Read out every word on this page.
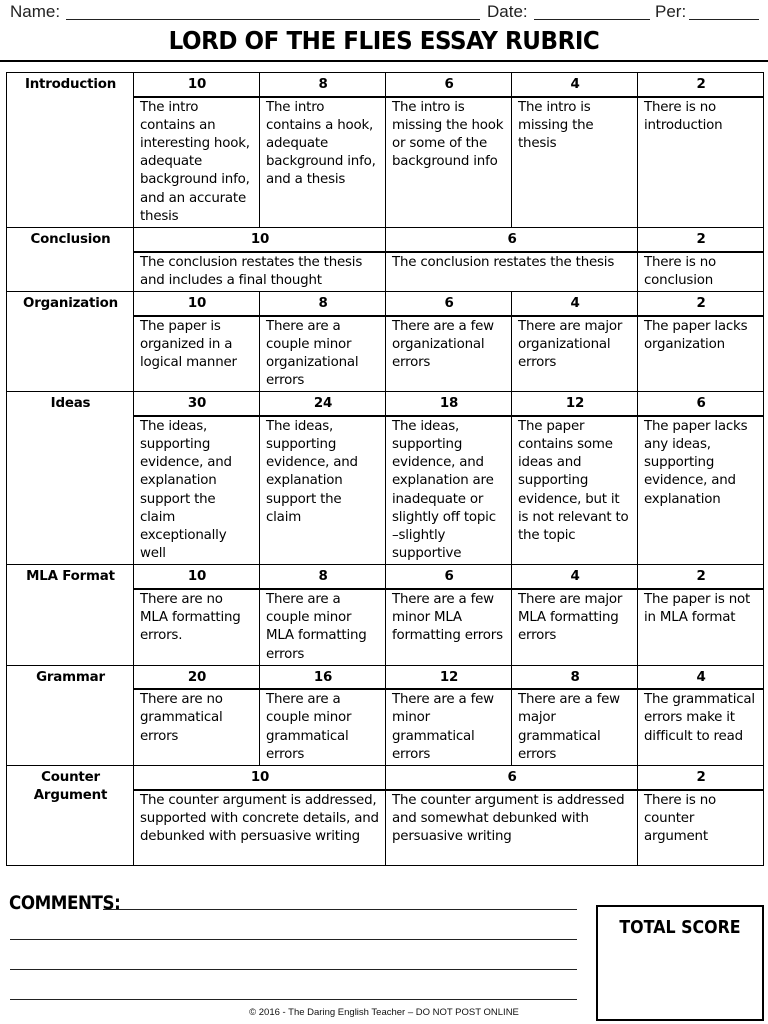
Name:	Date:	Per:
LORD OF THE FLIES ESSAY RUBRIC
Introduction	10	8	6	4	2
	The intro contains an interesting hook, adequate background info, and an accurate thesis	The intro contains a hook, adequate background info, and a thesis	The intro is missing the hook or some of the background info	The intro is missing the thesis	There is no introduction
Conclusion	10		6		2
	The conclusion restates the thesis and includes a final thought		The conclusion restates the thesis		There is no conclusion
Organization	10	8	6	4	2
	The paper is organized in a logical manner	There are a couple minor organizational errors	There are a few organizational errors	There are major organizational errors	The paper lacks organization
Ideas	30	24	18	12	6
	The ideas, supporting evidence, and explanation support the claim exceptionally well	The ideas, supporting evidence, and explanation support the claim	The ideas, supporting evidence, and explanation are inadequate or slightly off topic –slightly supportive	The paper contains some ideas and supporting evidence, but it is not relevant to the topic	The paper lacks any ideas, supporting evidence, and explanation
MLA Format	10	8	6	4	2
	There are no MLA formatting errors.	There are a couple minor MLA formatting errors	There are a few minor MLA formatting errors	There are major MLA formatting errors	The paper is not in MLA format
Grammar	20	16	12	8	4
	There are no grammatical errors	There are a couple minor grammatical errors	There are a few minor grammatical errors	There are a few major grammatical errors	The grammatical errors make it difficult to read
Counter Argument	10		6		2
	The counter argument is addressed, supported with concrete details, and debunked with persuasive writing		The counter argument is addressed and somewhat debunked with persuasive writing		There is no counter argument
COMMENTS:
TOTAL SCORE
© 2016 - The Daring English Teacher – DO NOT POST ONLINE
